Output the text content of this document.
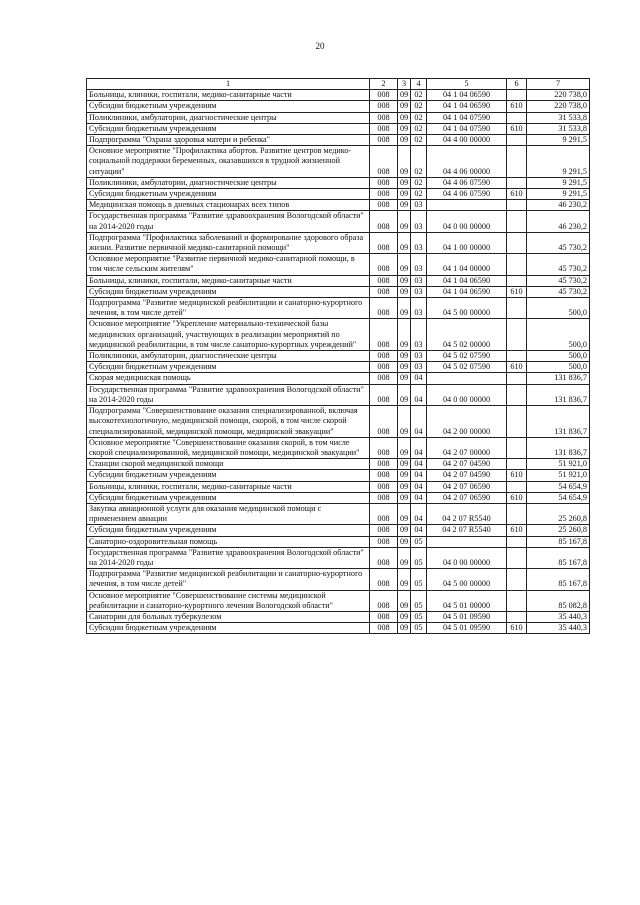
20
1	2	3	4	5	6	7
Больницы, клиники, госпитали, медико-санитарные части	008	09	02	04 1 04 06590		220 738,0
Субсидии бюджетным учреждениям	008	09	02	04 1 04 06590	610	220 738,0
Поликлиники, амбулатории, диагностические центры	008	09	02	04 1 04 07590		31 533,8
Субсидии бюджетным учреждениям	008	09	02	04 1 04 07590	610	31 533,8
Подпрограмма "Охрана здоровья матери и ребенка"	008	09	02	04 4 00 00000		9 291,5
Основное мероприятие "Профилактика абортов. Развитие центров медико-социальной поддержки беременных, оказавшихся в трудной жизненной ситуации"	008	09	02	04 4 06 00000		9 291,5
Поликлиники, амбулатории, диагностические центры	008	09	02	04 4 06 07590		9 291,5
Субсидии бюджетным учреждениям	008	09	02	04 4 06 07590	610	9 291,5
Медицинская помощь в дневных стационарах всех типов	008	09	03			46 230,2
Государственная программа "Развитие здравоохранения Вологодской области" на 2014-2020 годы	008	09	03	04 0 00 00000		46 230,2
Подпрограмма "Профилактика заболеваний и формирование здорового образа жизни. Развитие первичной медико-санитарной помощи"	008	09	03	04 1 00 00000		45 730,2
Основное мероприятие "Развитие первичной медико-санитарной помощи, в том числе сельским жителям"	008	09	03	04 1 04 00000		45 730,2
Больницы, клиники, госпитали, медико-санитарные части	008	09	03	04 1 04 06590		45 730,2
Субсидии бюджетным учреждениям	008	09	03	04 1 04 06590	610	45 730,2
Подпрограмма "Развитие медицинской реабилитации и санаторно-курортного лечения, в том числе детей"	008	09	03	04 5 00 00000		500,0
Основное мероприятие "Укрепление материально-технической базы медицинских организаций, участвующих в реализации мероприятий по медицинской реабилитации, в том числе санаторно-курортных учреждений"	008	09	03	04 5 02 00000		500,0
Поликлиники, амбулатории, диагностические центры	008	09	03	04 5 02 07590		500,0
Субсидии бюджетным учреждениям	008	09	03	04 5 02 07590	610	500,0
Скорая медицинская помощь	008	09	04			131 836,7
Государственная программа "Развитие здравоохранения Вологодской области" на 2014-2020 годы	008	09	04	04 0 00 00000		131 836,7
Подпрограмма "Совершенствование оказания специализированной, включая высокотехнологичную, медицинской помощи, скорой, в том числе скорой специализированной, медицинской помощи, медицинской эвакуации"	008	09	04	04 2 00 00000		131 836,7
Основное мероприятие "Совершенствование оказания скорой, в том числе скорой специализированной, медицинской помощи, медицинской эвакуации"	008	09	04	04 2 07 00000		131 836,7
Станции скорой медицинской помощи	008	09	04	04 2 07 04590		51 921,0
Субсидии бюджетным учреждениям	008	09	04	04 2 07 04590	610	51 921,0
Больницы, клиники, госпитали, медико-санитарные части	008	09	04	04 2 07 06590		54 654,9
Субсидии бюджетным учреждениям	008	09	04	04 2 07 06590	610	54 654,9
Закупка авиационной услуги для оказания медицинской помощи с применением авиации	008	09	04	04 2 07 R5540		25 260,8
Субсидии бюджетным учреждениям	008	09	04	04 2 07 R5540	610	25 260,8
Санаторно-оздоровительная помощь	008	09	05			85 167,8
Государственная программа "Развитие здравоохранения Вологодской области" на 2014-2020 годы	008	09	05	04 0 00 00000		85 167,8
Подпрограмма "Развитие медицинской реабилитации и санаторно-курортного лечения, в том числе детей"	008	09	05	04 5 00 00000		85 167,8
Основное мероприятие "Совершенствование системы медицинской реабилитации и санаторно-курортного лечения Вологодской области"	008	09	05	04 5 01 00000		85 082,8
Санатории для больных туберкулезом	008	09	05	04 5 01 09590		35 440,3
Субсидии бюджетным учреждениям	008	09	05	04 5 01 09590	610	35 440,3
